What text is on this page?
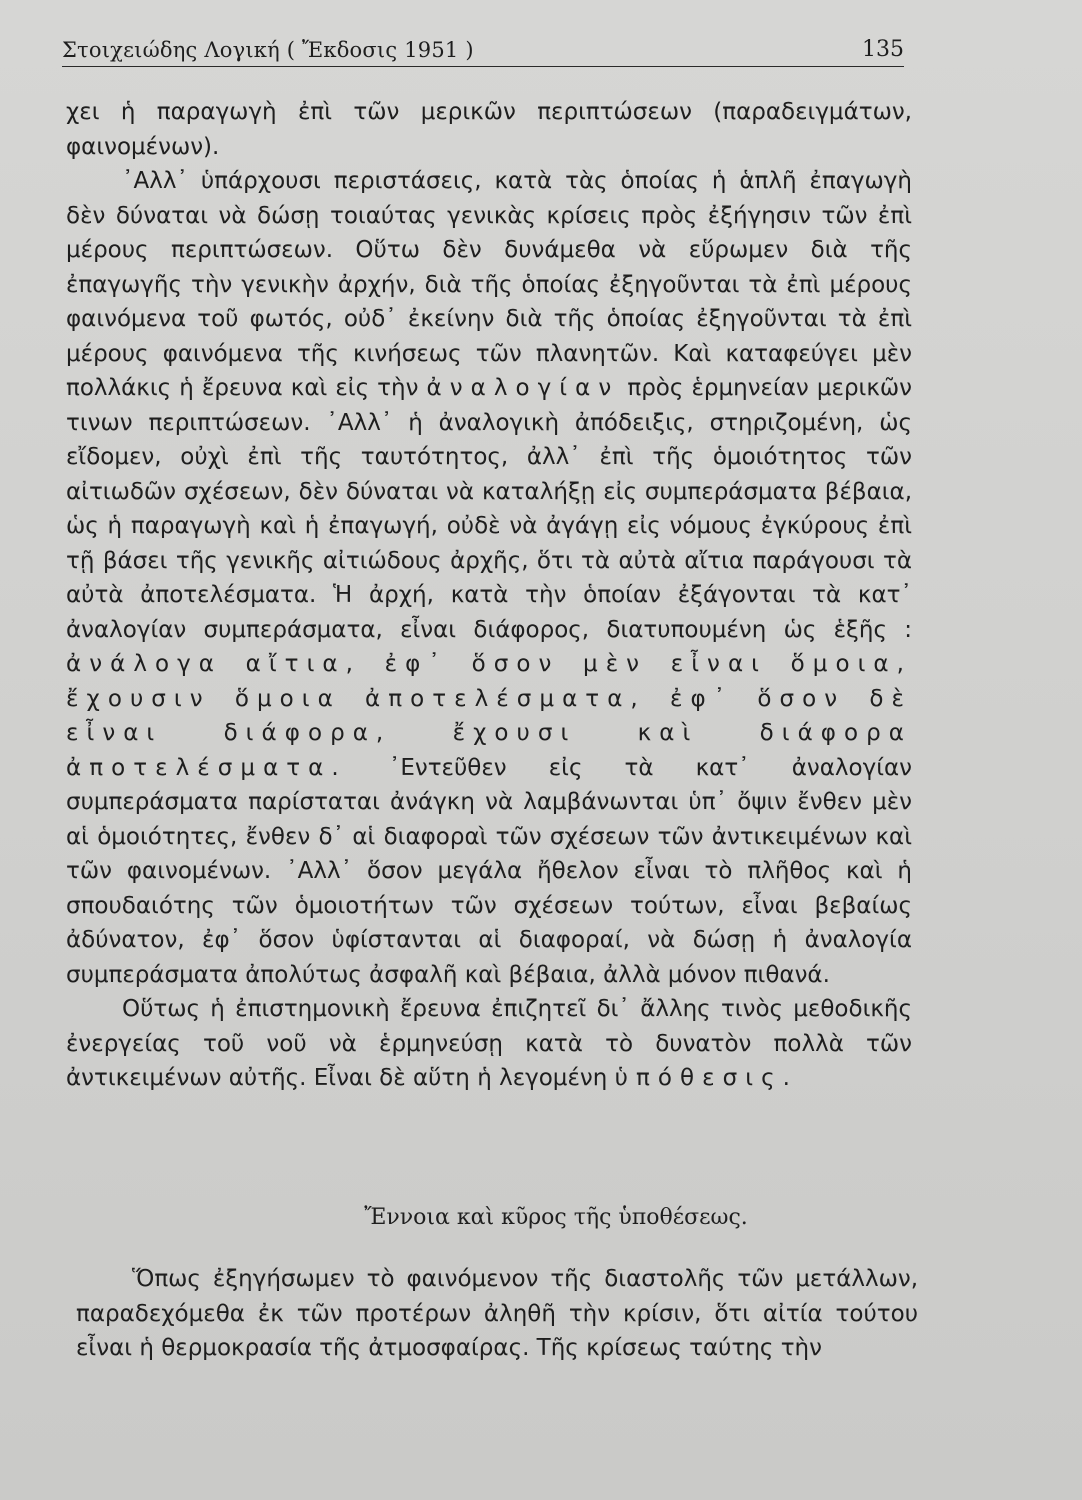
Στοιχειώδης Λογική ( Ἔκδοσις 1951 )	135

χει ἡ παραγωγὴ ἐπὶ τῶν μερικῶν περιπτώσεων (παραδειγμάτων, φαινομένων).

᾿Αλλ᾿ ὑπάρχουσι περιστάσεις, κατὰ τὰς ὁποίας ἡ ἁπλῆ ἐπαγωγὴ δὲν δύναται νὰ δώσῃ τοιαύτας γενικὰς κρίσεις πρὸς ἐξήγησιν τῶν ἐπὶ μέρους περιπτώσεων. Οὕτω δὲν δυνάμεθα νὰ εὕρωμεν διὰ τῆς ἐπαγωγῆς τὴν γενικὴν ἀρχήν, διὰ τῆς ὁποίας ἐξηγοῦνται τὰ ἐπὶ μέρους φαινόμενα τοῦ φωτός, οὐδ᾿ ἐκείνην διὰ τῆς ὁποίας ἐξηγοῦνται τὰ ἐπὶ μέρους φαινόμενα τῆς κινήσεως τῶν πλανητῶν. Καὶ καταφεύγει μὲν πολλάκις ἡ ἔρευνα καὶ εἰς τὴν ἀναλογίαν πρὸς ἑρμηνείαν μερικῶν τινων περιπτώσεων. ᾿Αλλ᾿ ἡ ἀναλογικὴ ἀπόδειξις, στηριζομένη, ὡς εἴδομεν, οὐχὶ ἐπὶ τῆς ταυτότητος, ἀλλ᾿ ἐπὶ τῆς ὁμοιότητος τῶν αἰτιωδῶν σχέσεων, δὲν δύναται νὰ καταλήξῃ εἰς συμπεράσματα βέβαια, ὡς ἡ παραγωγὴ καὶ ἡ ἐπαγωγή, οὐδὲ νὰ ἀγάγῃ εἰς νόμους ἐγκύρους ἐπὶ τῇ βάσει τῆς γενικῆς αἰτιώδους ἀρχῆς, ὅτι τὰ αὐτὰ αἴτια παράγουσι τὰ αὐτὰ ἀποτελέσματα. Ἡ ἀρχή, κατὰ τὴν ὁποίαν ἐξάγονται τὰ κατ᾿ ἀναλογίαν συμπεράσματα, εἶναι διάφορος, διατυπουμένη ὡς ἑξῆς : ἀνάλογα αἴτια, ἐφ᾿ ὅσον μὲν εἶναι ὅμοια, ἔχουσιν ὅμοια ἀποτελέσματα, ἐφ᾿ ὅσον δὲ εἶναι διάφορα, ἔχουσι καὶ διάφορα ἀποτελέσματα. ᾿Εντεῦθεν εἰς τὰ κατ᾿ ἀναλογίαν συμπεράσματα παρίσταται ἀνάγκη νὰ λαμβάνωνται ὑπ᾿ ὄψιν ἔνθεν μὲν αἱ ὁμοιότητες, ἔνθεν δ᾿ αἱ διαφοραὶ τῶν σχέσεων τῶν ἀντικειμένων καὶ τῶν φαινομένων. ᾿Αλλ᾿ ὅσον μεγάλα ἤθελον εἶναι τὸ πλῆθος καὶ ἡ σπουδαιότης τῶν ὁμοιοτήτων τῶν σχέσεων τούτων, εἶναι βεβαίως ἀδύνατον, ἐφ᾿ ὅσον ὑφίστανται αἱ διαφοραί, νὰ δώσῃ ἡ ἀναλογία συμπεράσματα ἀπολύτως ἀσφαλῆ καὶ βέβαια, ἀλλὰ μόνον πιθανά.

Οὕτως ἡ ἐπιστημονικὴ ἔρευνα ἐπιζητεῖ δι᾿ ἄλλης τινὸς μεθοδικῆς ἐνεργείας τοῦ νοῦ νὰ ἑρμηνεύσῃ κατὰ τὸ δυνατὸν πολλὰ τῶν ἀντικειμένων αὐτῆς. Εἶναι δὲ αὕτη ἡ λεγομένη ὑπόθεσις.

Ἔννοια καὶ κῦρος τῆς ὑποθέσεως.

Ὅπως ἐξηγήσωμεν τὸ φαινόμενον τῆς διαστολῆς τῶν μετάλλων, παραδεχόμεθα ἐκ τῶν προτέρων ἀληθῆ τὴν κρίσιν, ὅτι αἰτία τούτου εἶναι ἡ θερμοκρασία τῆς ἀτμοσφαίρας. Τῆς κρίσεως ταύτης τὴν
